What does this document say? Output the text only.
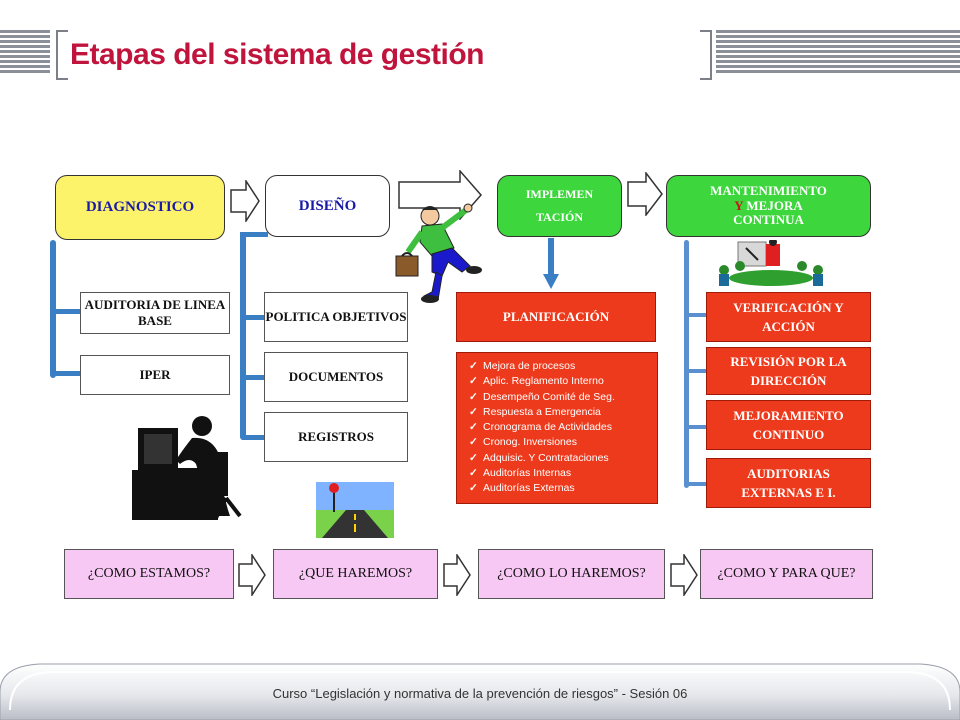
Etapas del sistema de gestión
DIAGNOSTICO	DISEÑO
IMPLEMEN
TACIÓN
MANTENIMIENTO
Y MEJORA
CONTINUA
AUDITORIA DE LINEA BASE
IPER
POLITICA OBJETIVOS
DOCUMENTOS
REGISTROS
PLANIFICACIÓN
✓ Mejora de procesos
✓ Aplic. Reglamento Interno
✓ Desempeño Comité de Seg.
✓ Respuesta a Emergencia
✓ Cronograma de Actividades
✓ Cronog. Inversiones
✓ Adquisic. Y Contrataciones
✓ Auditorías Internas
✓ Auditorías Externas
VERIFICACIÓN Y
ACCIÓN
REVISIÓN POR LA
DIRECCIÓN
MEJORAMIENTO
CONTINUO
AUDITORIAS
EXTERNAS E I.
¿COMO ESTAMOS?	¿QUE HAREMOS?	¿COMO LO HAREMOS?	¿COMO Y PARA QUE?
Curso “Legislación y normativa de la prevención de riesgos” - Sesión 06
